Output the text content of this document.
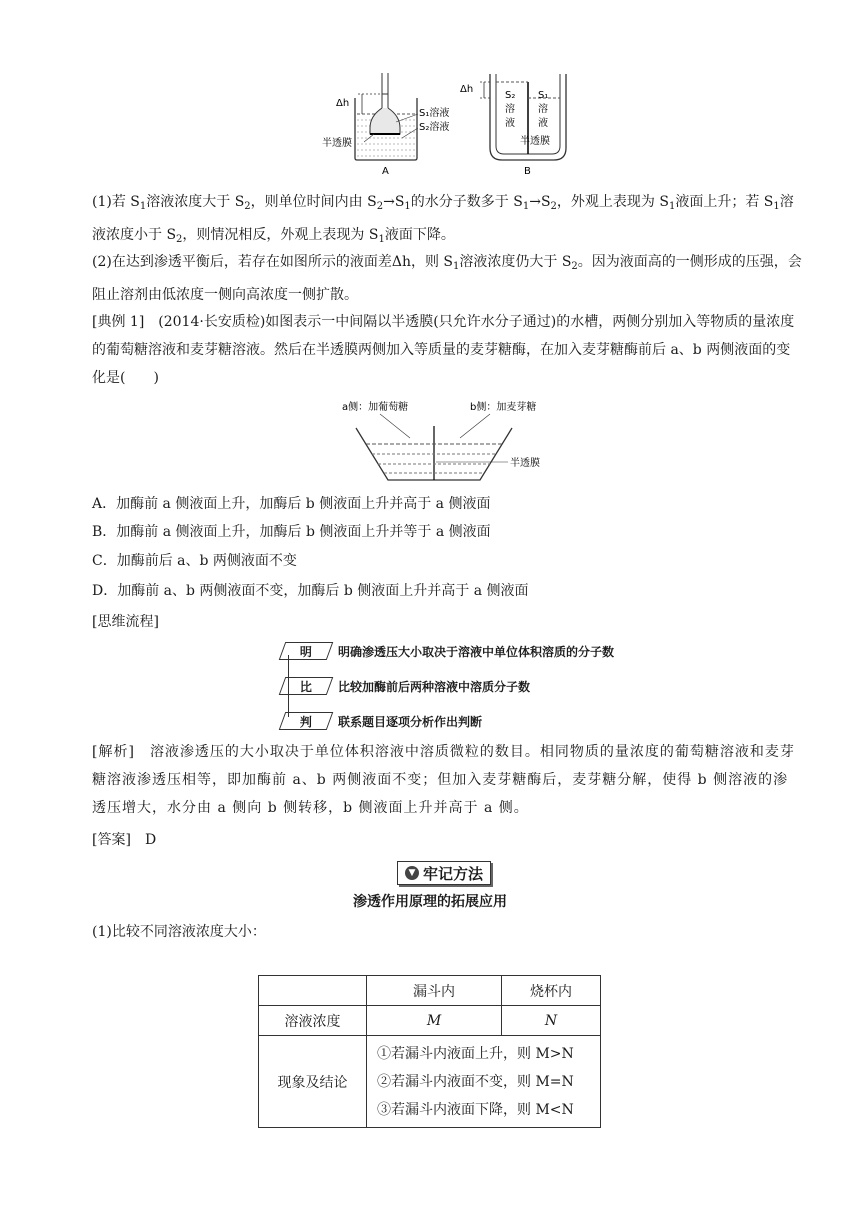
Δh
S₁溶液
S₂溶液
半透膜
A
Δh
S₂ S₁
溶 溶
液 液
半透膜
B

(1)若 $S_1$溶液浓度大于 $S_2$，则单位时间内由 $S_2\to S_1$的水分子数多于 $S_1\to S_2$，外观上表现为 $S_1$液面上升；若 $S_1$溶液浓度小于 $S_2$，则情况相反，外观上表现为 $S_1$液面下降。

(2)在达到渗透平衡后，若存在如图所示的液面差Δh，则 $S_1$溶液浓度仍大于 $S_2$。因为液面高的一侧形成的压强，会阻止溶剂由低浓度一侧向高浓度一侧扩散。

[典例 1]　 (2014·长安质检)如图表示一中间隔以半透膜(只允许水分子通过)的水槽，两侧分别加入等物质的量浓度的葡萄糖溶液和麦芽糖溶液。然后在半透膜两侧加入等质量的麦芽糖酶，在加入麦芽糖酶前后 a、b 两侧液面的变化是(　　)

a侧：加葡萄糖	b侧：加麦芽糖
半透膜
A．加酶前 a 侧液面上升，加酶后 b 侧液面上升并高于 a 侧液面
B．加酶前 a 侧液面上升，加酶后 b 侧液面上升并等于 a 侧液面
C．加酶前后 a、b 两侧液面不变
D．加酶前 a、b 两侧液面不变，加酶后 b 侧液面上升并高于 a 侧液面
[思维流程]
明 明确渗透压大小取决于溶液中单位体积溶质的分子数
比 比较加酶前后两种溶液中溶质分子数
判 联系题目逐项分析作出判断

[解析]　 溶液渗透压的大小取决于单位体积溶液中溶质微粒的数目。相同物质的量浓度的葡萄糖溶液和麦芽糖溶液渗透压相等，即加酶前 a、b 两侧液面不变；但加入麦芽糖酶后，麦芽糖分解，使得 b 侧溶液的渗透压增大，水分由 a 侧向 b 侧转移，b 侧液面上升并高于 a 侧。

[答案]　 D
▼ 牢记方法
渗透作用原理的拓展应用
(1)比较不同溶液浓度大小：
	漏斗内	烧杯内
溶液浓度	M	N
现象及结论	①若漏斗内液面上升，则 M>N
②若漏斗内液面不变，则 M=N
③若漏斗内液面下降，则 M<N	
